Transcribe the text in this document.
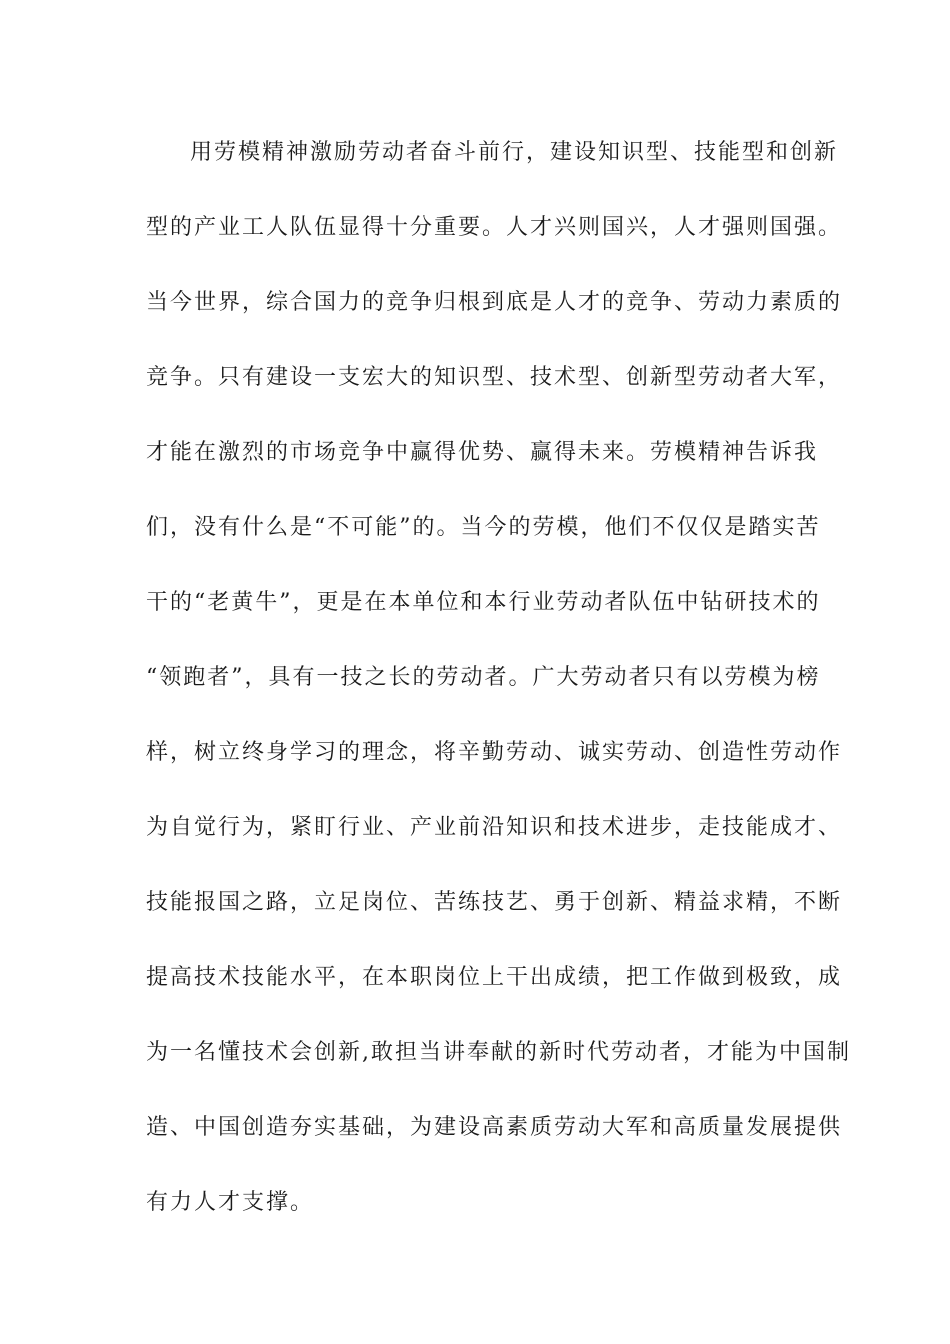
用劳模精神激励劳动者奋斗前行，建设知识型、技能型和创新
型的产业工人队伍显得十分重要。人才兴则国兴，人才强则国强。
当今世界，综合国力的竞争归根到底是人才的竞争、劳动力素质的
竞争。只有建设一支宏大的知识型、技术型、创新型劳动者大军，
才能在激烈的市场竞争中赢得优势、赢得未来。劳模精神告诉我
们，没有什么是“不可能”的。当今的劳模，他们不仅仅是踏实苦
干的“老黄牛”，更是在本单位和本行业劳动者队伍中钻研技术的
“领跑者”，具有一技之长的劳动者。广大劳动者只有以劳模为榜
样，树立终身学习的理念，将辛勤劳动、诚实劳动、创造性劳动作
为自觉行为，紧盯行业、产业前沿知识和技术进步，走技能成才、
技能报国之路，立足岗位、苦练技艺、勇于创新、精益求精，不断
提高技术技能水平，在本职岗位上干出成绩，把工作做到极致，成
为一名懂技术会创新,敢担当讲奉献的新时代劳动者，才能为中国制
造、中国创造夯实基础，为建设高素质劳动大军和高质量发展提供
有力人才支撑。
